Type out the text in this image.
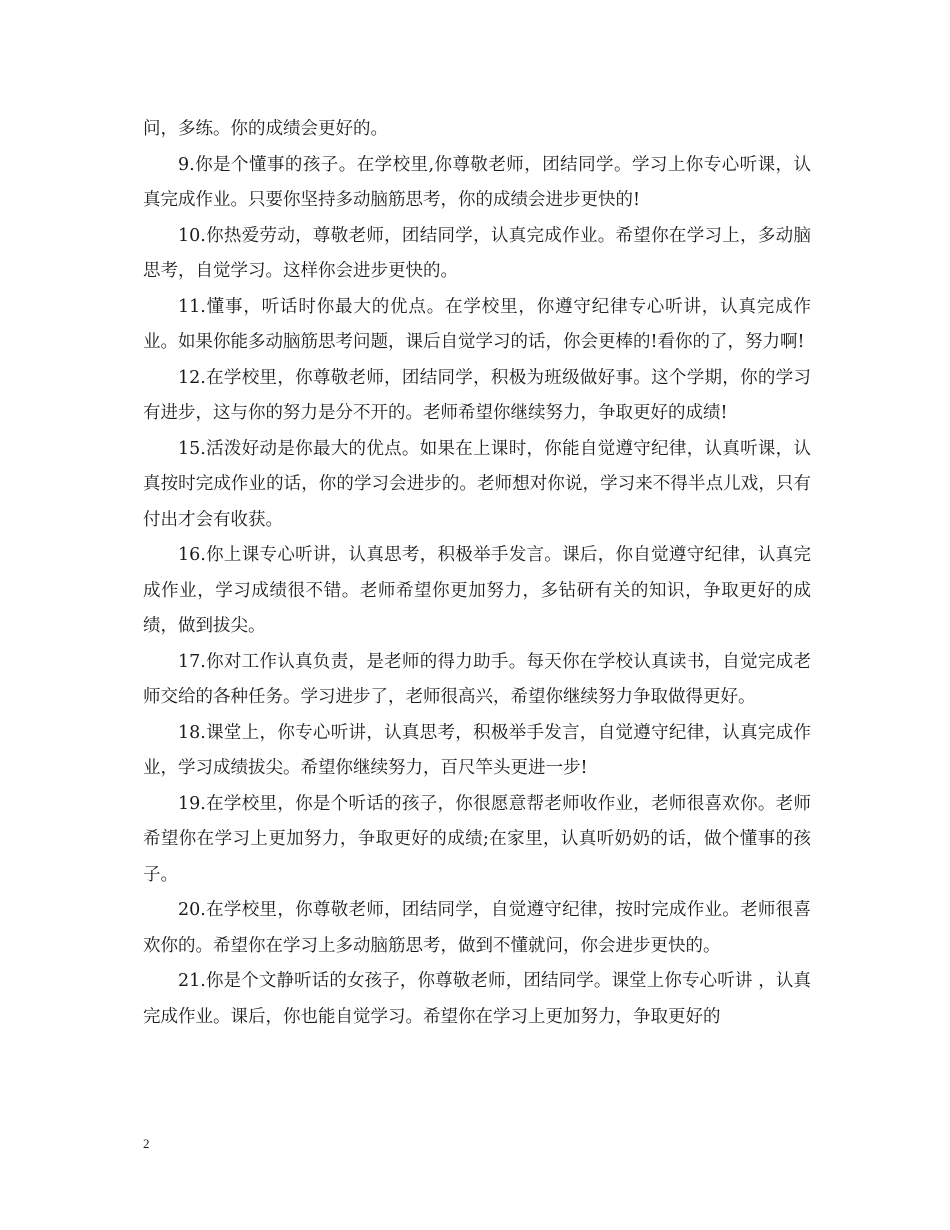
问，多练。你的成绩会更好的。

9.你是个懂事的孩子。在学校里,你尊敬老师，团结同学。学习上你专心听课，认真完成作业。只要你坚持多动脑筋思考，你的成绩会进步更快的!

10.你热爱劳动，尊敬老师，团结同学，认真完成作业。希望你在学习上，多动脑思考，自觉学习。这样你会进步更快的。

11.懂事，听话时你最大的优点。在学校里，你遵守纪律专心听讲，认真完成作业。如果你能多动脑筋思考问题，课后自觉学习的话，你会更棒的!看你的了，努力啊!

12.在学校里，你尊敬老师，团结同学，积极为班级做好事。这个学期，你的学习有进步，这与你的努力是分不开的。老师希望你继续努力，争取更好的成绩!

15.活泼好动是你最大的优点。如果在上课时，你能自觉遵守纪律，认真听课，认真按时完成作业的话，你的学习会进步的。老师想对你说，学习来不得半点儿戏，只有付出才会有收获。

16.你上课专心听讲，认真思考，积极举手发言。课后，你自觉遵守纪律，认真完成作业，学习成绩很不错。老师希望你更加努力，多钻研有关的知识，争取更好的成绩，做到拔尖。

17.你对工作认真负责，是老师的得力助手。每天你在学校认真读书，自觉完成老师交给的各种任务。学习进步了，老师很高兴，希望你继续努力争取做得更好。

18.课堂上，你专心听讲，认真思考，积极举手发言，自觉遵守纪律，认真完成作业，学习成绩拔尖。希望你继续努力，百尺竿头更进一步!

19.在学校里，你是个听话的孩子，你很愿意帮老师收作业，老师很喜欢你。老师希望你在学习上更加努力，争取更好的成绩;在家里，认真听奶奶的话，做个懂事的孩子。

20.在学校里，你尊敬老师，团结同学，自觉遵守纪律，按时完成作业。老师很喜欢你的。希望你在学习上多动脑筋思考，做到不懂就问，你会进步更快的。

21.你是个文静听话的女孩子，你尊敬老师，团结同学。课堂上你专心听讲 ，认真完成作业。课后，你也能自觉学习。希望你在学习上更加努力，争取更好的

2
